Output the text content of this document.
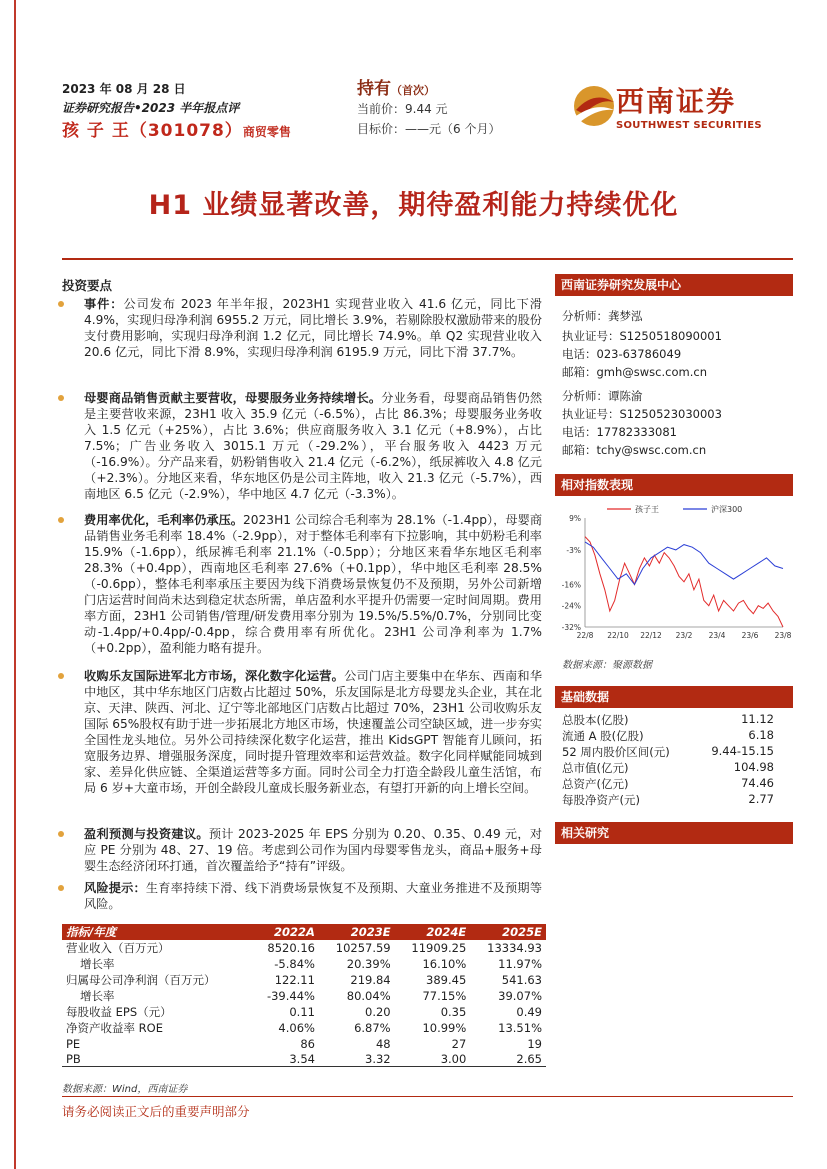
2023 年 08 月 28 日
证券研究报告•2023 半年报点评
孩 子 王（301078）商贸零售
持有（首次）
当前价：9.44 元
目标价：——元（6 个月）
西南证券
SOUTHWEST SECURITIES
H1 业绩显著改善，期待盈利能力持续优化
投资要点

事件：公司发布 2023 年半年报，2023H1 实现营业收入 41.6 亿元，同比下滑 4.9%，实现归母净利润 6955.2 万元，同比增长 3.9%，若剔除股权激励带来的股份支付费用影响，实现归母净利润 1.2 亿元，同比增长 74.9%。单 Q2 实现营业收入 20.6 亿元，同比下滑 8.9%，实现归母净利润 6195.9 万元，同比下滑 37.7%。

母婴商品销售贡献主要营收，母婴服务业务持续增长。分业务看，母婴商品销售仍然是主要营收来源，23H1 收入 35.9 亿元（-6.5%），占比 86.3%；母婴服务业务收入 1.5 亿元（+25%），占比 3.6%；供应商服务收入 3.1 亿元（+8.9%），占比 7.5%；广告业务收入 3015.1 万元（-29.2%），平台服务收入 4423 万元（-16.9%）。分产品来看，奶粉销售收入 21.4 亿元（-6.2%），纸尿裤收入 4.8 亿元（+2.3%）。分地区来看，华东地区仍是公司主阵地，收入 21.3 亿元（-5.7%），西南地区 6.5 亿元（-2.9%），华中地区 4.7 亿元（-3.3%）。

费用率优化，毛利率仍承压。2023H1 公司综合毛利率为 28.1%（-1.4pp），母婴商品销售业务毛利率 18.4%（-2.9pp），对于整体毛利率有下拉影响，其中奶粉毛利率 15.9%（-1.6pp），纸尿裤毛利率 21.1%（-0.5pp）；分地区来看华东地区毛利率 28.3%（+0.4pp），西南地区毛利率 27.6%（+0.1pp），华中地区毛利率 28.5%（-0.6pp），整体毛利率承压主要因为线下消费场景恢复仍不及预期，另外公司新增门店运营时间尚未达到稳定状态所需，单店盈利水平提升仍需要一定时间周期。费用率方面，23H1 公司销售/管理/研发费用率分别为 19.5%/5.5%/0.7%，分别同比变动-1.4pp/+0.4pp/-0.4pp，综合费用率有所优化。23H1 公司净利率为 1.7%（+0.2pp），盈利能力略有提升。

收购乐友国际进军北方市场，深化数字化运营。公司门店主要集中在华东、西南和华中地区，其中华东地区门店数占比超过 50%，乐友国际是北方母婴龙头企业，其在北京、天津、陕西、河北、辽宁等北部地区门店数占比超过 70%，23H1 公司收购乐友国际 65%股权有助于进一步拓展北方地区市场，快速覆盖公司空缺区域，进一步夯实全国性龙头地位。另外公司持续深化数字化运营，推出 KidsGPT 智能育儿顾问，拓宽服务边界、增强服务深度，同时提升管理效率和运营效益。数字化同样赋能同城到家、差异化供应链、全渠道运营等多方面。同时公司全力打造全龄段儿童生活馆，布局 6 岁+大童市场，开创全龄段儿童成长服务新业态，有望打开新的向上增长空间。

盈利预测与投资建议。预计 2023-2025 年 EPS 分别为 0.20、0.35、0.49 元，对应 PE 分别为 48、27、19 倍。考虑到公司作为国内母婴零售龙头，商品+服务+母婴生态经济闭环打通，首次覆盖给予“持有”评级。

风险提示：生育率持续下滑、线下消费场景恢复不及预期、大童业务推进不及预期等风险。

西南证券研究发展中心
分析师：龚梦泓
执业证号：S1250518090001
电话：023-63786049
邮箱：gmh@swsc.com.cn
分析师：谭陈渝
执业证号：S1250523030003
电话：17782333081
邮箱：tchy@swsc.com.cn
相对指数表现
9%
-3%
-16%
-24%
-32%
22/8 22/10 22/12 23/2 23/4 23/6 23/8
孩子王	沪深300
数据来源：聚源数据
基础数据
总股本(亿股)	11.12
流通 A 股(亿股)	6.18
52 周内股价区间(元)	9.44-15.15
总市值(亿元)	104.98
总资产(亿元)	74.46
每股净资产(元)	2.77
相关研究
指标/年度	2022A	2023E	2024E	2025E
营业收入（百万元）	8520.16	10257.59	11909.25	13334.93
增长率	-5.84%	20.39%	16.10%	11.97%
归属母公司净利润（百万元）	122.11	219.84	389.45	541.63
增长率	-39.44%	80.04%	77.15%	39.07%
每股收益 EPS（元）	0.11	0.20	0.35	0.49
净资产收益率 ROE	4.06%	6.87%	10.99%	13.51%
PE	86	48	27	19
PB	3.54	3.32	3.00	2.65
数据来源：Wind，西南证券
请务必阅读正文后的重要声明部分
